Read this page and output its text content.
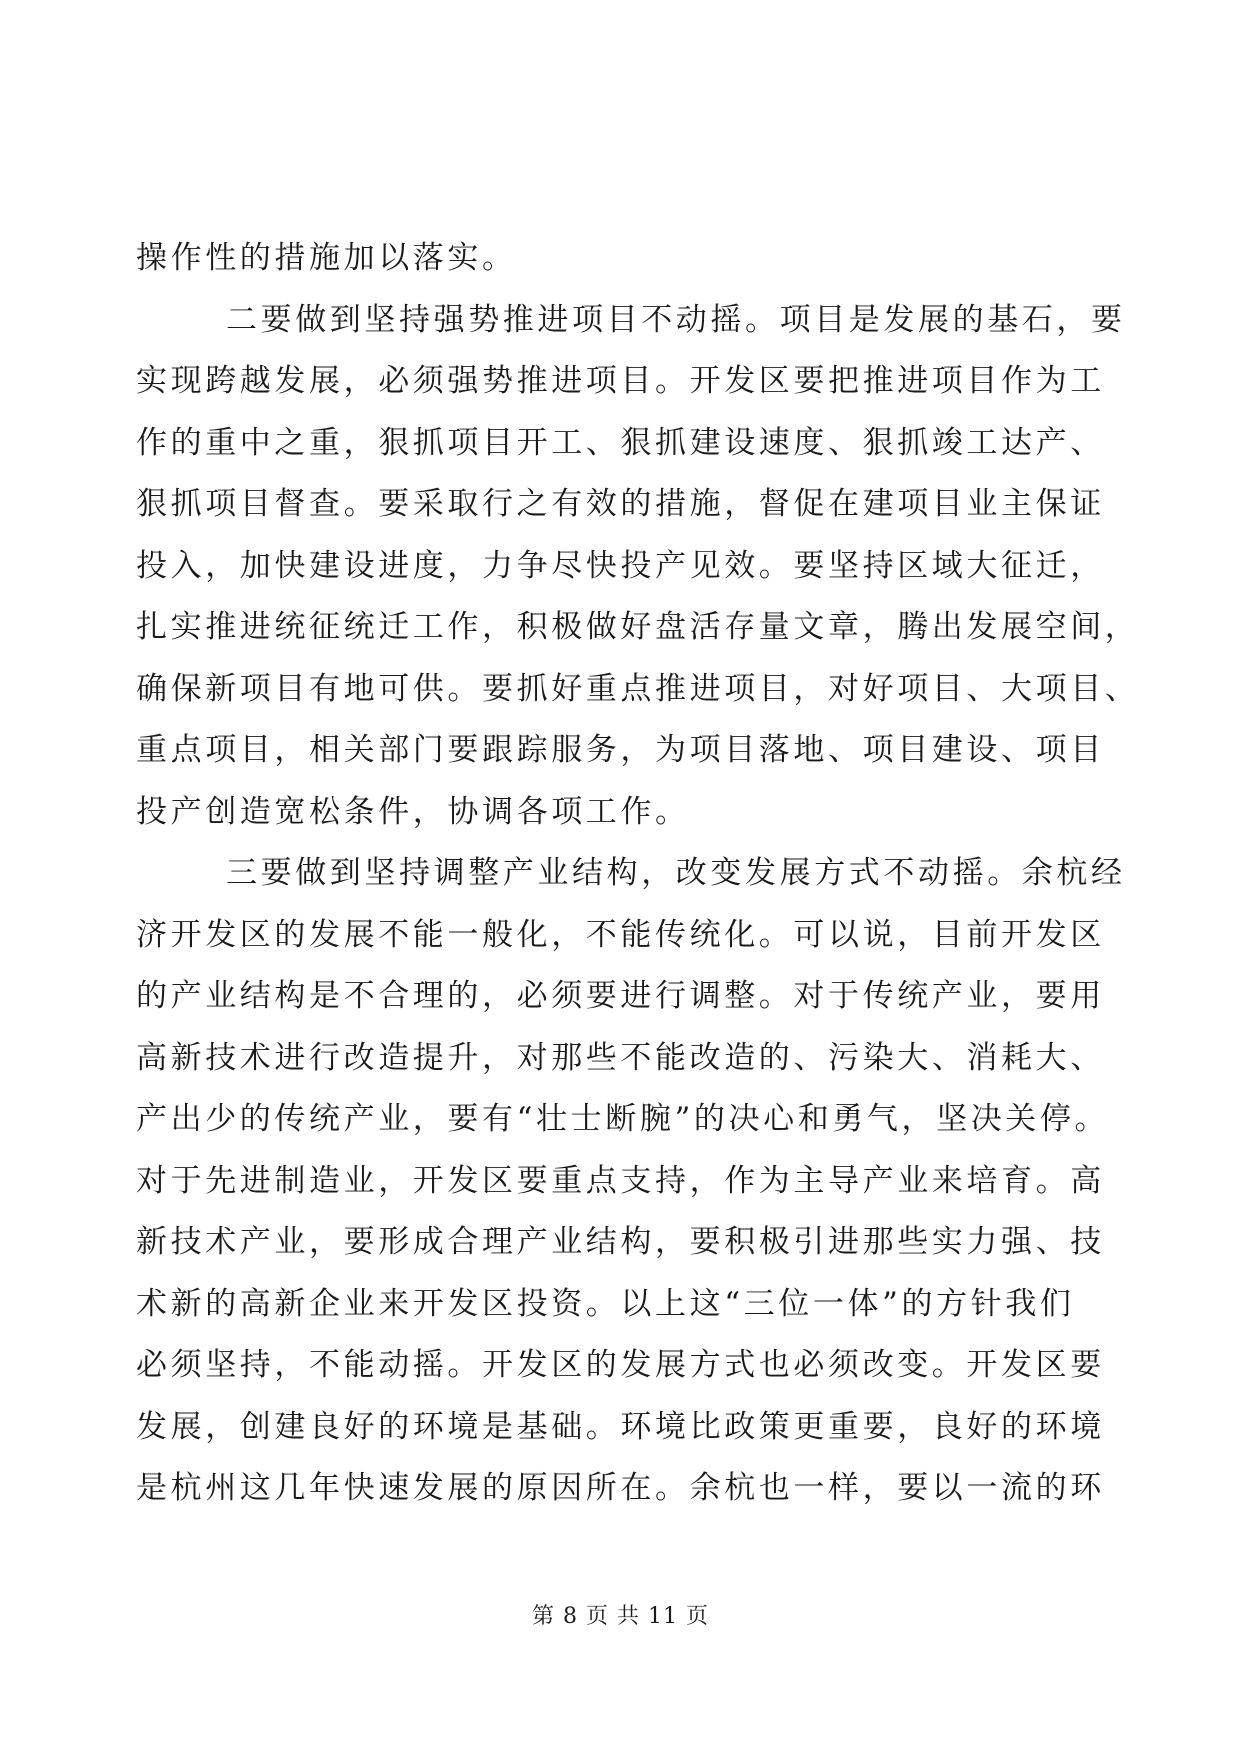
操作性的措施加以落实。
二要做到坚持强势推进项目不动摇。项目是发展的基石，要
实现跨越发展，必须强势推进项目。开发区要把推进项目作为工
作的重中之重，狠抓项目开工、狠抓建设速度、狠抓竣工达产、
狠抓项目督查。要采取行之有效的措施，督促在建项目业主保证
投入，加快建设进度，力争尽快投产见效。要坚持区域大征迁，
扎实推进统征统迁工作，积极做好盘活存量文章，腾出发展空间，
确保新项目有地可供。要抓好重点推进项目，对好项目、大项目、
重点项目，相关部门要跟踪服务，为项目落地、项目建设、项目
投产创造宽松条件，协调各项工作。
三要做到坚持调整产业结构，改变发展方式不动摇。余杭经
济开发区的发展不能一般化，不能传统化。可以说，目前开发区
的产业结构是不合理的，必须要进行调整。对于传统产业，要用
高新技术进行改造提升，对那些不能改造的、污染大、消耗大、
产出少的传统产业，要有“壮士断腕”的决心和勇气，坚决关停。
对于先进制造业，开发区要重点支持，作为主导产业来培育。高
新技术产业，要形成合理产业结构，要积极引进那些实力强、技
术新的高新企业来开发区投资。以上这“三位一体”的方针我们
必须坚持，不能动摇。开发区的发展方式也必须改变。开发区要
发展，创建良好的环境是基础。环境比政策更重要，良好的环境
是杭州这几年快速发展的原因所在。余杭也一样，要以一流的环
第 8 页 共 11 页
